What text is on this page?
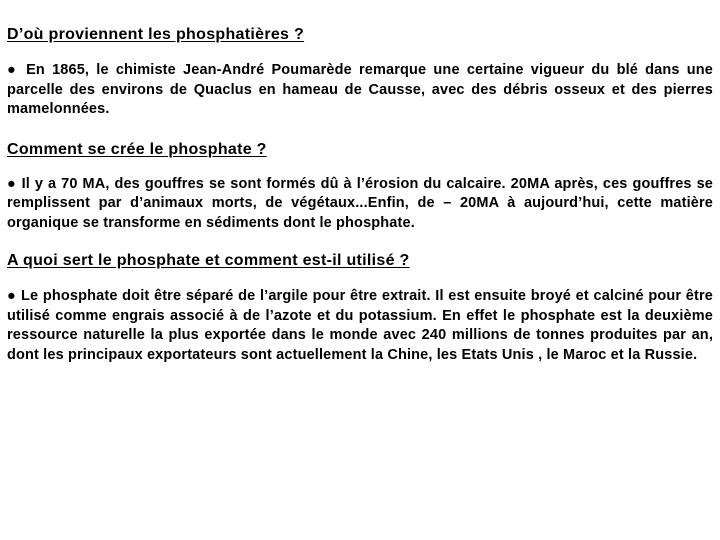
D’où proviennent les phosphatières ?

● En 1865, le chimiste Jean-André Poumarède remarque une certaine vigueur du blé dans une parcelle des environs de Quaclus en hameau de Causse, avec des débris osseux et des pierres mamelonnées.

Comment se crée le phosphate ?

● Il y a 70 MA, des gouffres se sont formés dû à l’érosion du calcaire. 20MA après, ces gouffres se remplissent par d’animaux morts, de végétaux...Enfin, de – 20MA à aujourd’hui, cette matière organique se transforme en sédiments dont le phosphate.

A quoi sert le phosphate et comment est-il utilisé ?

● Le phosphate doit être séparé de l’argile pour être extrait. Il est ensuite broyé et calciné pour être utilisé comme engrais associé à de l’azote et du potassium. En effet le phosphate est la deuxième ressource naturelle la plus exportée dans le monde avec 240 millions de tonnes produites par an, dont les principaux exportateurs sont actuellement la Chine, les Etats Unis , le Maroc et la Russie.
